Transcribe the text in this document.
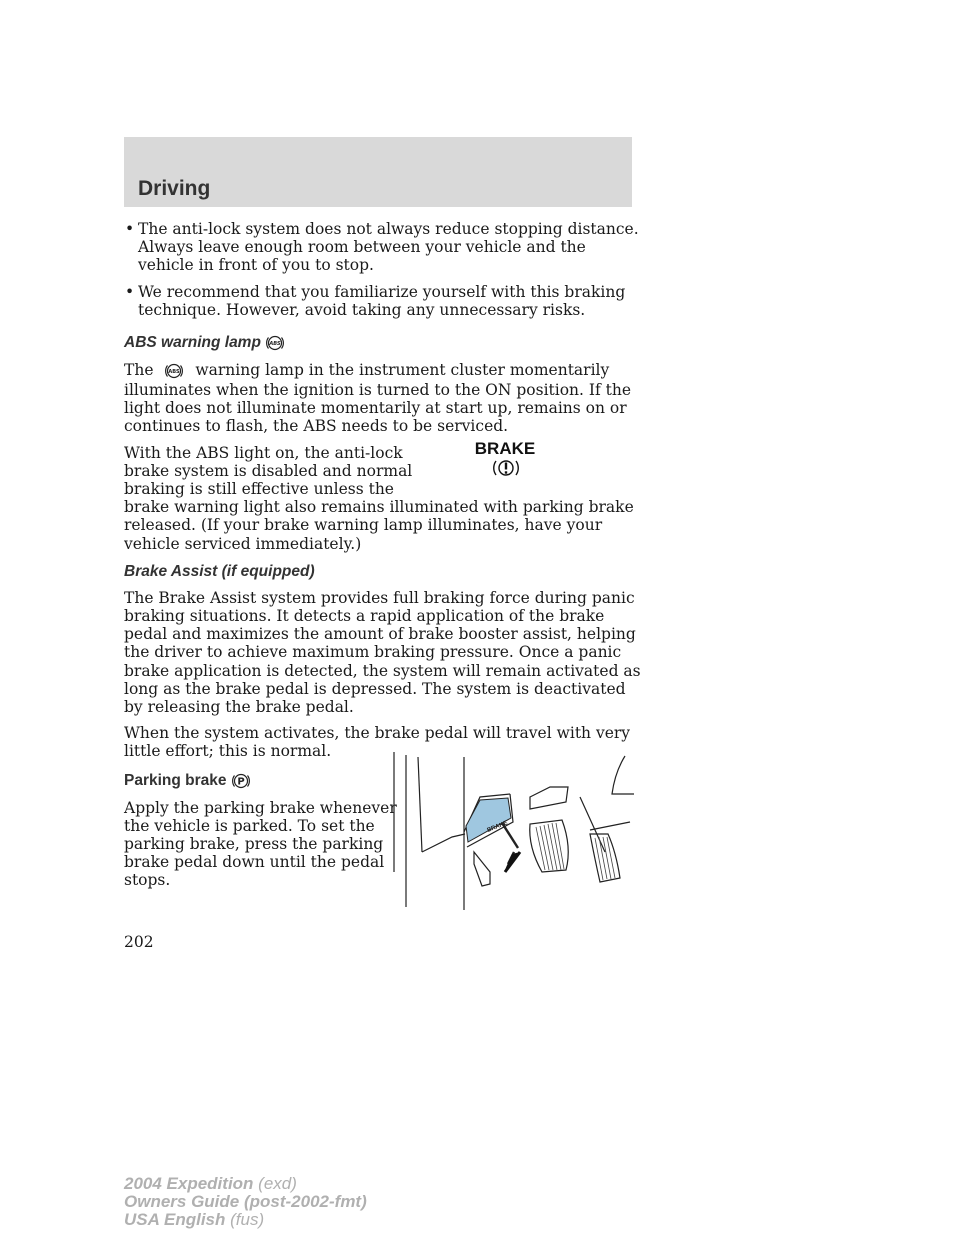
Driving

• The anti-lock system does not always reduce stopping distance. Always leave enough room between your vehicle and the vehicle in front of you to stop.

• We recommend that you familiarize yourself with this braking technique. However, avoid taking any unnecessary risks.

ABS warning lamp ABS

The	ABS warning lamp in the instrument cluster momentarily illuminates when the ignition is turned to the ON position. If the light does not illuminate momentarily at start up, remains on or continues to flash, the ABS needs to be serviced.

With the ABS light on, the anti-lock
brake system is disabled and normal
braking is still effective unless the
brake warning light also remains illuminated with parking brake released. (If your brake warning lamp illuminates, have your vehicle serviced immediately.)

Brake Assist (if equipped)

The Brake Assist system provides full braking force during panic braking situations. It detects a rapid application of the brake pedal and maximizes the amount of brake booster assist, helping the driver to achieve maximum braking pressure. Once a panic brake application is detected, the system will remain activated as long as the brake pedal is depressed. The system is deactivated by releasing the brake pedal.

When the system activates, the brake pedal will travel with very little effort; this is normal.

Parking brake P

Apply the parking brake whenever
the vehicle is parked. To set the
parking brake, press the parking
brake pedal down until the pedal
stops.

BRAKE
BRAKE

202

2004 Expedition (exd)
Owners Guide (post-2002-fmt)
USA English (fus)
